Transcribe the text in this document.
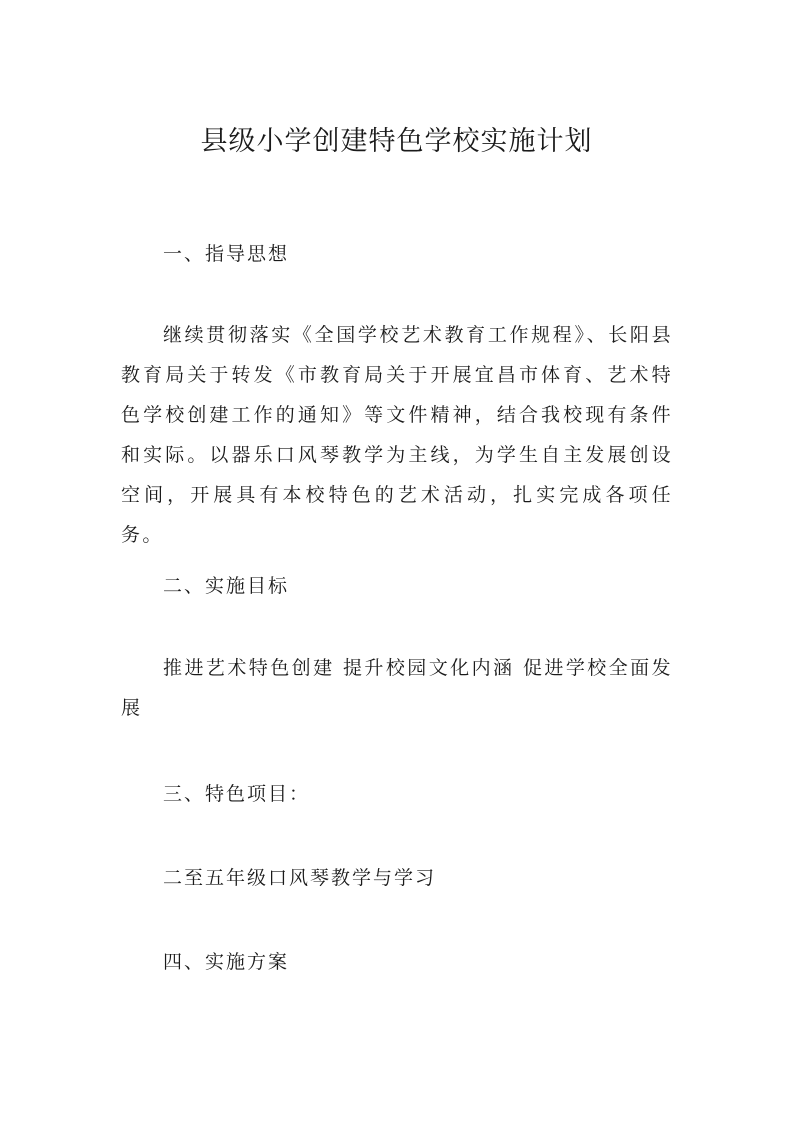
县级小学创建特色学校实施计划
一、指导思想

继续贯彻落实《全国学校艺术教育工作规程》、长阳县教育局关于转发《市教育局关于开展宜昌市体育、艺术特色学校创建工作的通知》等文件精神，结合我校现有条件和实际。以器乐口风琴教学为主线，为学生自主发展创设空间，开展具有本校特色的艺术活动，扎实完成各项任务。

二、实施目标

推进艺术特色创建 提升校园文化内涵 促进学校全面发展

三、特色项目：
二至五年级口风琴教学与学习
四、实施方案
